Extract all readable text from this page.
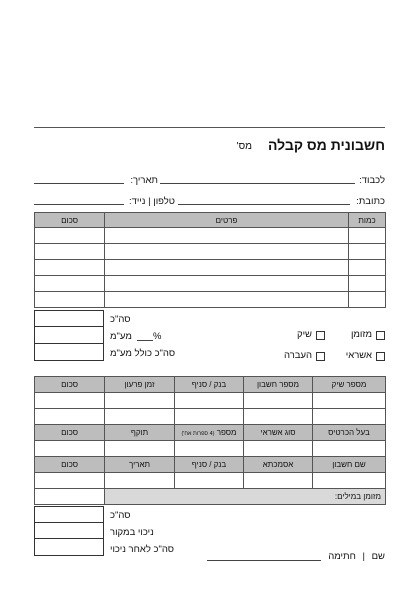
חשבונית מס קבלה
מס'
לכבוד:
תאריך:
כתובת:
טלפון | נייד:
כמות	פרטים	סכום

סה"כ
מע"מ %
סה"כ כולל מע"מ
מזומן
שיק
אשראי
העברה
מספר שיק	מספר חשבון	בנק / סניף	זמן פרעון	סכום

בעל הכרטיס	סוג אשראי	מספר (4 ספרות אח')	תוקף	סכום

שם חשבון	אסמכתא	בנק / סניף	תאריך	סכום

מזומן במילים:				
סה"כ
ניכוי במקור
סה"כ לאחר ניכוי
שם | חתימה
